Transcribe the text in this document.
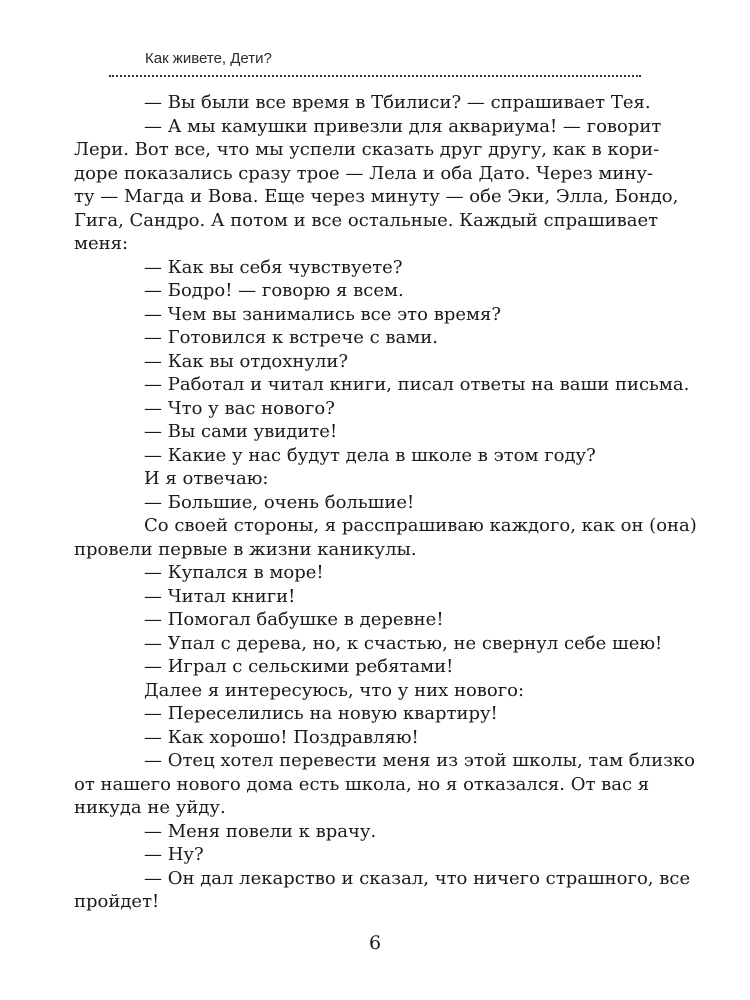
Как живете, Дети?

— Вы были все время в Тбилиси? — спрашивает Тея.

— А мы камушки привезли для аквариума! — говорит
Лери. Вот все, что мы успели сказать друг другу, как в кори-
доре показались сразу трое — Лела и оба Дато. Через мину-
ту — Магда и Вова. Еще через минуту — обе Эки, Элла, Бондо,
Гига, Сандро. А потом и все остальные. Каждый спрашивает
меня:

— Как вы себя чувствуете?

— Бодро! — говорю я всем.

— Чем вы занимались все это время?

— Готовился к встрече с вами.

— Как вы отдохнули?

— Работал и читал книги, писал ответы на ваши письма.

— Что у вас нового?

— Вы сами увидите!

— Какие у нас будут дела в школе в этом году?

И я отвечаю:

— Большие, очень большие!

Со своей стороны, я расспрашиваю каждого, как он (она)
провели первые в жизни каникулы.

— Купался в море!

— Читал книги!

— Помогал бабушке в деревне!

— Упал с дерева, но, к счастью, не свернул себе шею!

— Играл с сельскими ребятами!

Далее я интересуюсь, что у них нового:

— Переселились на новую квартиру!

— Как хорошо! Поздравляю!

— Отец хотел перевести меня из этой школы, там близко
от нашего нового дома есть школа, но я отказался. От вас я
никуда не уйду.

— Меня повели к врачу.

— Ну?

— Он дал лекарство и сказал, что ничего страшного, все
пройдет!

6
